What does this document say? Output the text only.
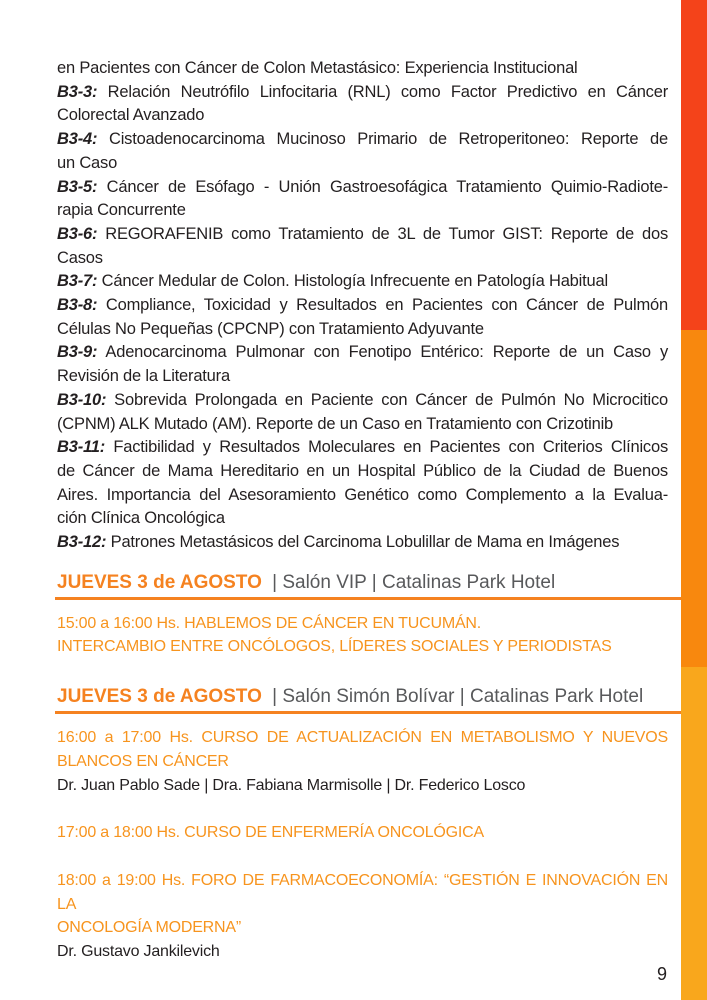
en Pacientes con Cáncer de Colon Metastásico: Experiencia Institucional
B3-3: Relación Neutrófilo Linfocitaria (RNL) como Factor Predictivo en Cáncer
Colorectal Avanzado
B3-4: Cistoadenocarcinoma Mucinoso Primario de Retroperitoneo: Reporte de
un Caso
B3-5: Cáncer de Esófago - Unión Gastroesofágica Tratamiento Quimio-Radiote-
rapia Concurrente
B3-6: REGORAFENIB como Tratamiento de 3L de Tumor GIST: Reporte de dos
Casos
B3-7: Cáncer Medular de Colon. Histología Infrecuente en Patología Habitual
B3-8: Compliance, Toxicidad y Resultados en Pacientes con Cáncer de Pulmón
Células No Pequeñas (CPCNP) con Tratamiento Adyuvante
B3-9: Adenocarcinoma Pulmonar con Fenotipo Entérico: Reporte de un Caso y
Revisión de la Literatura
B3-10: Sobrevida Prolongada en Paciente con Cáncer de Pulmón No Microcitico
(CPNM) ALK Mutado (AM). Reporte de un Caso en Tratamiento con Crizotinib
B3-11: Factibilidad y Resultados Moleculares en Pacientes con Criterios Clínicos
de Cáncer de Mama Hereditario en un Hospital Público de la Ciudad de Buenos
Aires. Importancia del Asesoramiento Genético como Complemento a la Evalua-
ción Clínica Oncológica
B3-12: Patrones Metastásicos del Carcinoma Lobulillar de Mama en Imágenes
JUEVES 3 de AGOSTO | Salón VIP | Catalinas Park Hotel
15:00 a 16:00 Hs. HABLEMOS DE CÁNCER EN TUCUMÁN.
INTERCAMBIO ENTRE ONCÓLOGOS, LÍDERES SOCIALES Y PERIODISTAS
JUEVES 3 de AGOSTO | Salón Simón Bolívar | Catalinas Park Hotel
16:00 a 17:00 Hs. CURSO DE ACTUALIZACIÓN EN METABOLISMO Y NUEVOS
BLANCOS EN CÁNCER
Dr. Juan Pablo Sade | Dra. Fabiana Marmisolle | Dr. Federico Losco
17:00 a 18:00 Hs. CURSO DE ENFERMERÍA ONCOLÓGICA
18:00 a 19:00 Hs. FORO DE FARMACOECONOMÍA: “GESTIÓN E INNOVACIÓN EN LA
ONCOLOGÍA MODERNA”
Dr. Gustavo Jankilevich
9
